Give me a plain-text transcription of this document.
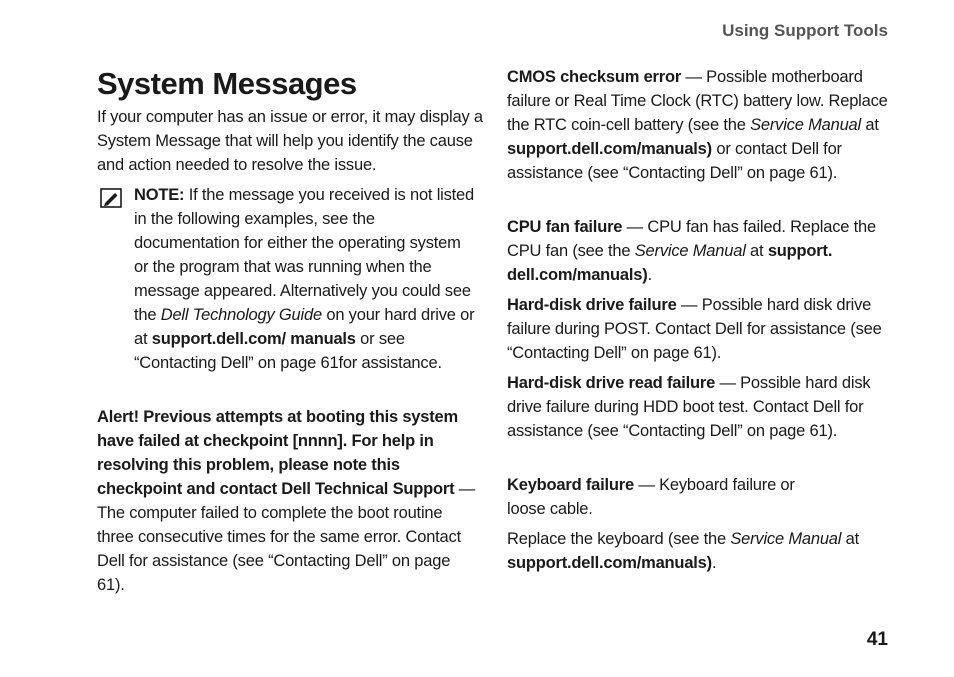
Using Support Tools
System Messages

If your computer has an issue or error, it may display a System Message that will help you identify the cause and action needed to resolve the issue.

NOTE: If the message you received is not listed in the following examples, see the documentation for either the operating system or the program that was running when the message appeared. Alternatively you could see the Dell Technology Guide on your hard drive or at support.dell.com/ manuals or see “Contacting Dell” on page 61for assistance.

Alert! Previous attempts at booting this system have failed at checkpoint [nnnn]. For help in resolving this problem, please note this checkpoint and contact Dell Technical Support — The computer failed to complete the boot routine three consecutive times for the same error. Contact Dell for assistance (see “Contacting Dell” on page 61).

CMOS checksum error — Possible motherboard failure or Real Time Clock (RTC) battery low. Replace the RTC coin-cell battery (see the Service Manual at support.dell.com/manuals) or contact Dell for assistance (see “Contacting Dell” on page 61).

CPU fan failure — CPU fan has failed. Replace the CPU fan (see the Service Manual at support. dell.com/manuals).

Hard-disk drive failure — Possible hard disk drive failure during POST. Contact Dell for assistance (see “Contacting Dell” on page 61).

Hard-disk drive read failure — Possible hard disk drive failure during HDD boot test. Contact Dell for assistance (see “Contacting Dell” on page 61).

Keyboard failure — Keyboard failure or loose cable.

Replace the keyboard (see the Service Manual at support.dell.com/manuals).

41
